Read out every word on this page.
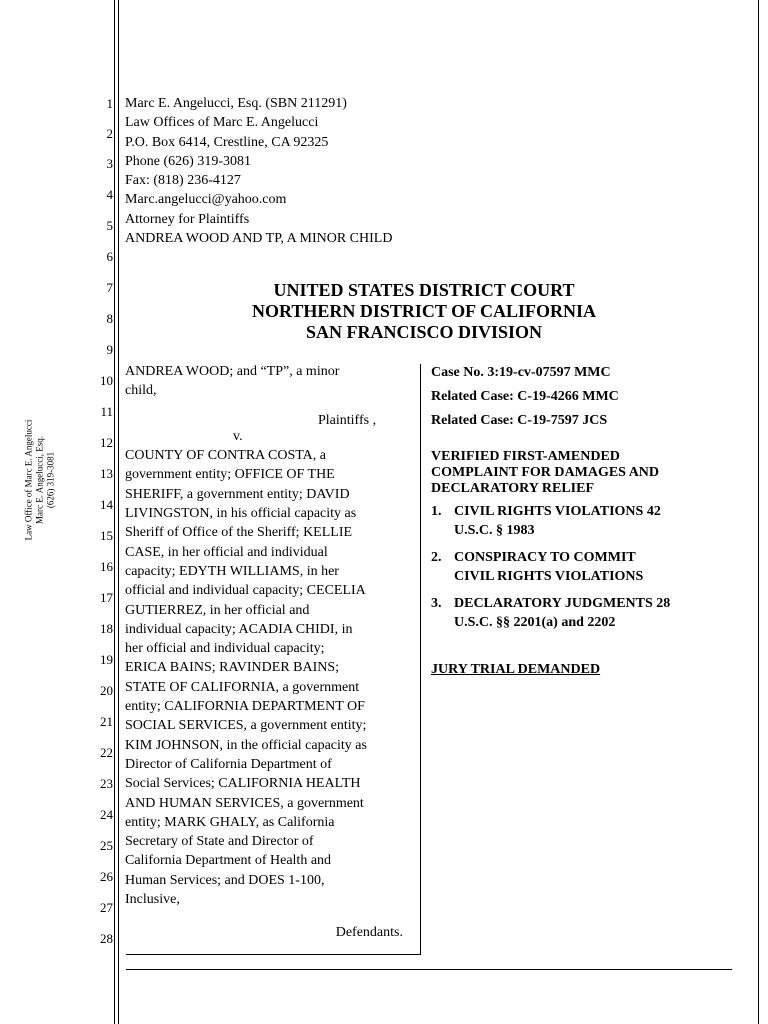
Law Office of Marc E. Angelucci Marc E. Angelucci, Esq. (626) 319-3081
1
2
3
4
5
6
7
8
9
10
11
12
13
14
15
16
17
18
19
20
21
22
23
24
25
26
27
28
Marc E. Angelucci, Esq. (SBN 211291)
Law Offices of Marc E. Angelucci
P.O. Box 6414, Crestline, CA 92325
Phone (626) 319-3081
Fax: (818) 236-4127
Marc.angelucci@yahoo.com
Attorney for Plaintiffs
ANDREA WOOD AND TP, A MINOR CHILD
UNITED STATES DISTRICT COURT
NORTHERN DISTRICT OF CALIFORNIA
SAN FRANCISCO DIVISION
ANDREA WOOD; and “TP”, a minor
child,
Plaintiffs ,
v.
COUNTY OF CONTRA COSTA, a
government entity; OFFICE OF THE
SHERIFF, a government entity; DAVID
LIVINGSTON, in his official capacity as
Sheriff of Office of the Sheriff; KELLIE
CASE, in her official and individual
capacity; EDYTH WILLIAMS, in her
official and individual capacity; CECELIA
GUTIERREZ, in her official and
individual capacity; ACADIA CHIDI, in
her official and individual capacity;
ERICA BAINS; RAVINDER BAINS;
STATE OF CALIFORNIA, a government
entity; CALIFORNIA DEPARTMENT OF
SOCIAL SERVICES, a government entity;
KIM JOHNSON, in the official capacity as
Director of California Department of
Social Services; CALIFORNIA HEALTH
AND HUMAN SERVICES, a government
entity; MARK GHALY, as California
Secretary of State and Director of
California Department of Health and
Human Services; and DOES 1-100,
Inclusive,
Defendants.
Case No. 3:19-cv-07597 MMC
Related Case: C-19-4266 MMC
Related Case: C-19-7597 JCS
VERIFIED FIRST-AMENDED
COMPLAINT FOR DAMAGES AND
DECLARATORY RELIEF
1. CIVIL RIGHTS VIOLATIONS 42
U.S.C. § 1983
2. CONSPIRACY TO COMMIT
CIVIL RIGHTS VIOLATIONS
3. DECLARATORY JUDGMENTS 28
U.S.C. §§ 2201(a) and 2202
JURY TRIAL DEMANDED
